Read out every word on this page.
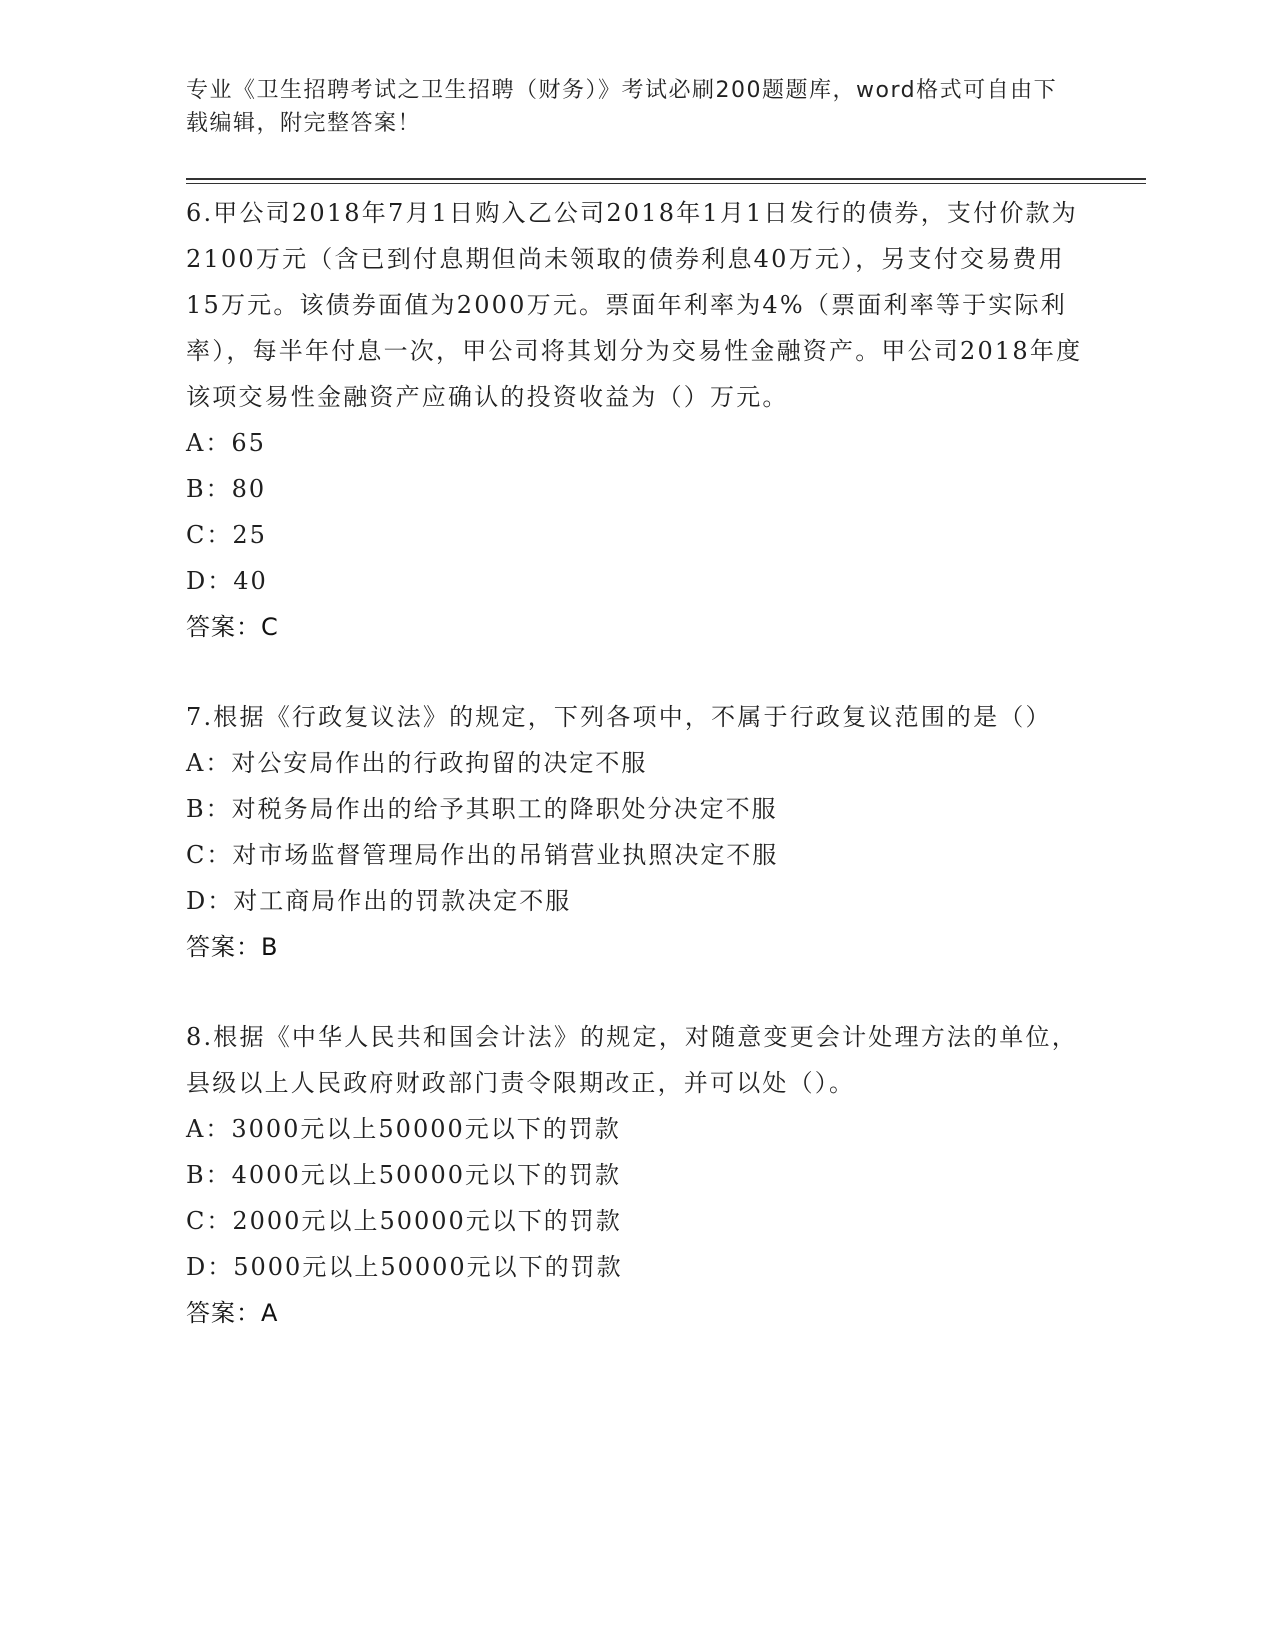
专业《卫生招聘考试之卫生招聘（财务）》考试必刷200题题库，word格式可自由下载编辑，附完整答案！
6.甲公司2018年7月1日购入乙公司2018年1月1日发行的债券，支付价款为2100万元（含已到付息期但尚未领取的债券利息40万元），另支付交易费用15万元。该债券面值为2000万元。票面年利率为4%（票面利率等于实际利率），每半年付息一次，甲公司将其划分为交易性金融资产。甲公司2018年度该项交易性金融资产应确认的投资收益为（）万元。
A：65
B：80
C：25
D：40
答案：C
7.根据《行政复议法》的规定，下列各项中，不属于行政复议范围的是（）
A：对公安局作出的行政拘留的决定不服
B：对税务局作出的给予其职工的降职处分决定不服
C：对市场监督管理局作出的吊销营业执照决定不服
D：对工商局作出的罚款决定不服
答案：B
8.根据《中华人民共和国会计法》的规定，对随意变更会计处理方法的单位，县级以上人民政府财政部门责令限期改正，并可以处（）。
A：3000元以上50000元以下的罚款
B：4000元以上50000元以下的罚款
C：2000元以上50000元以下的罚款
D：5000元以上50000元以下的罚款
答案：A
